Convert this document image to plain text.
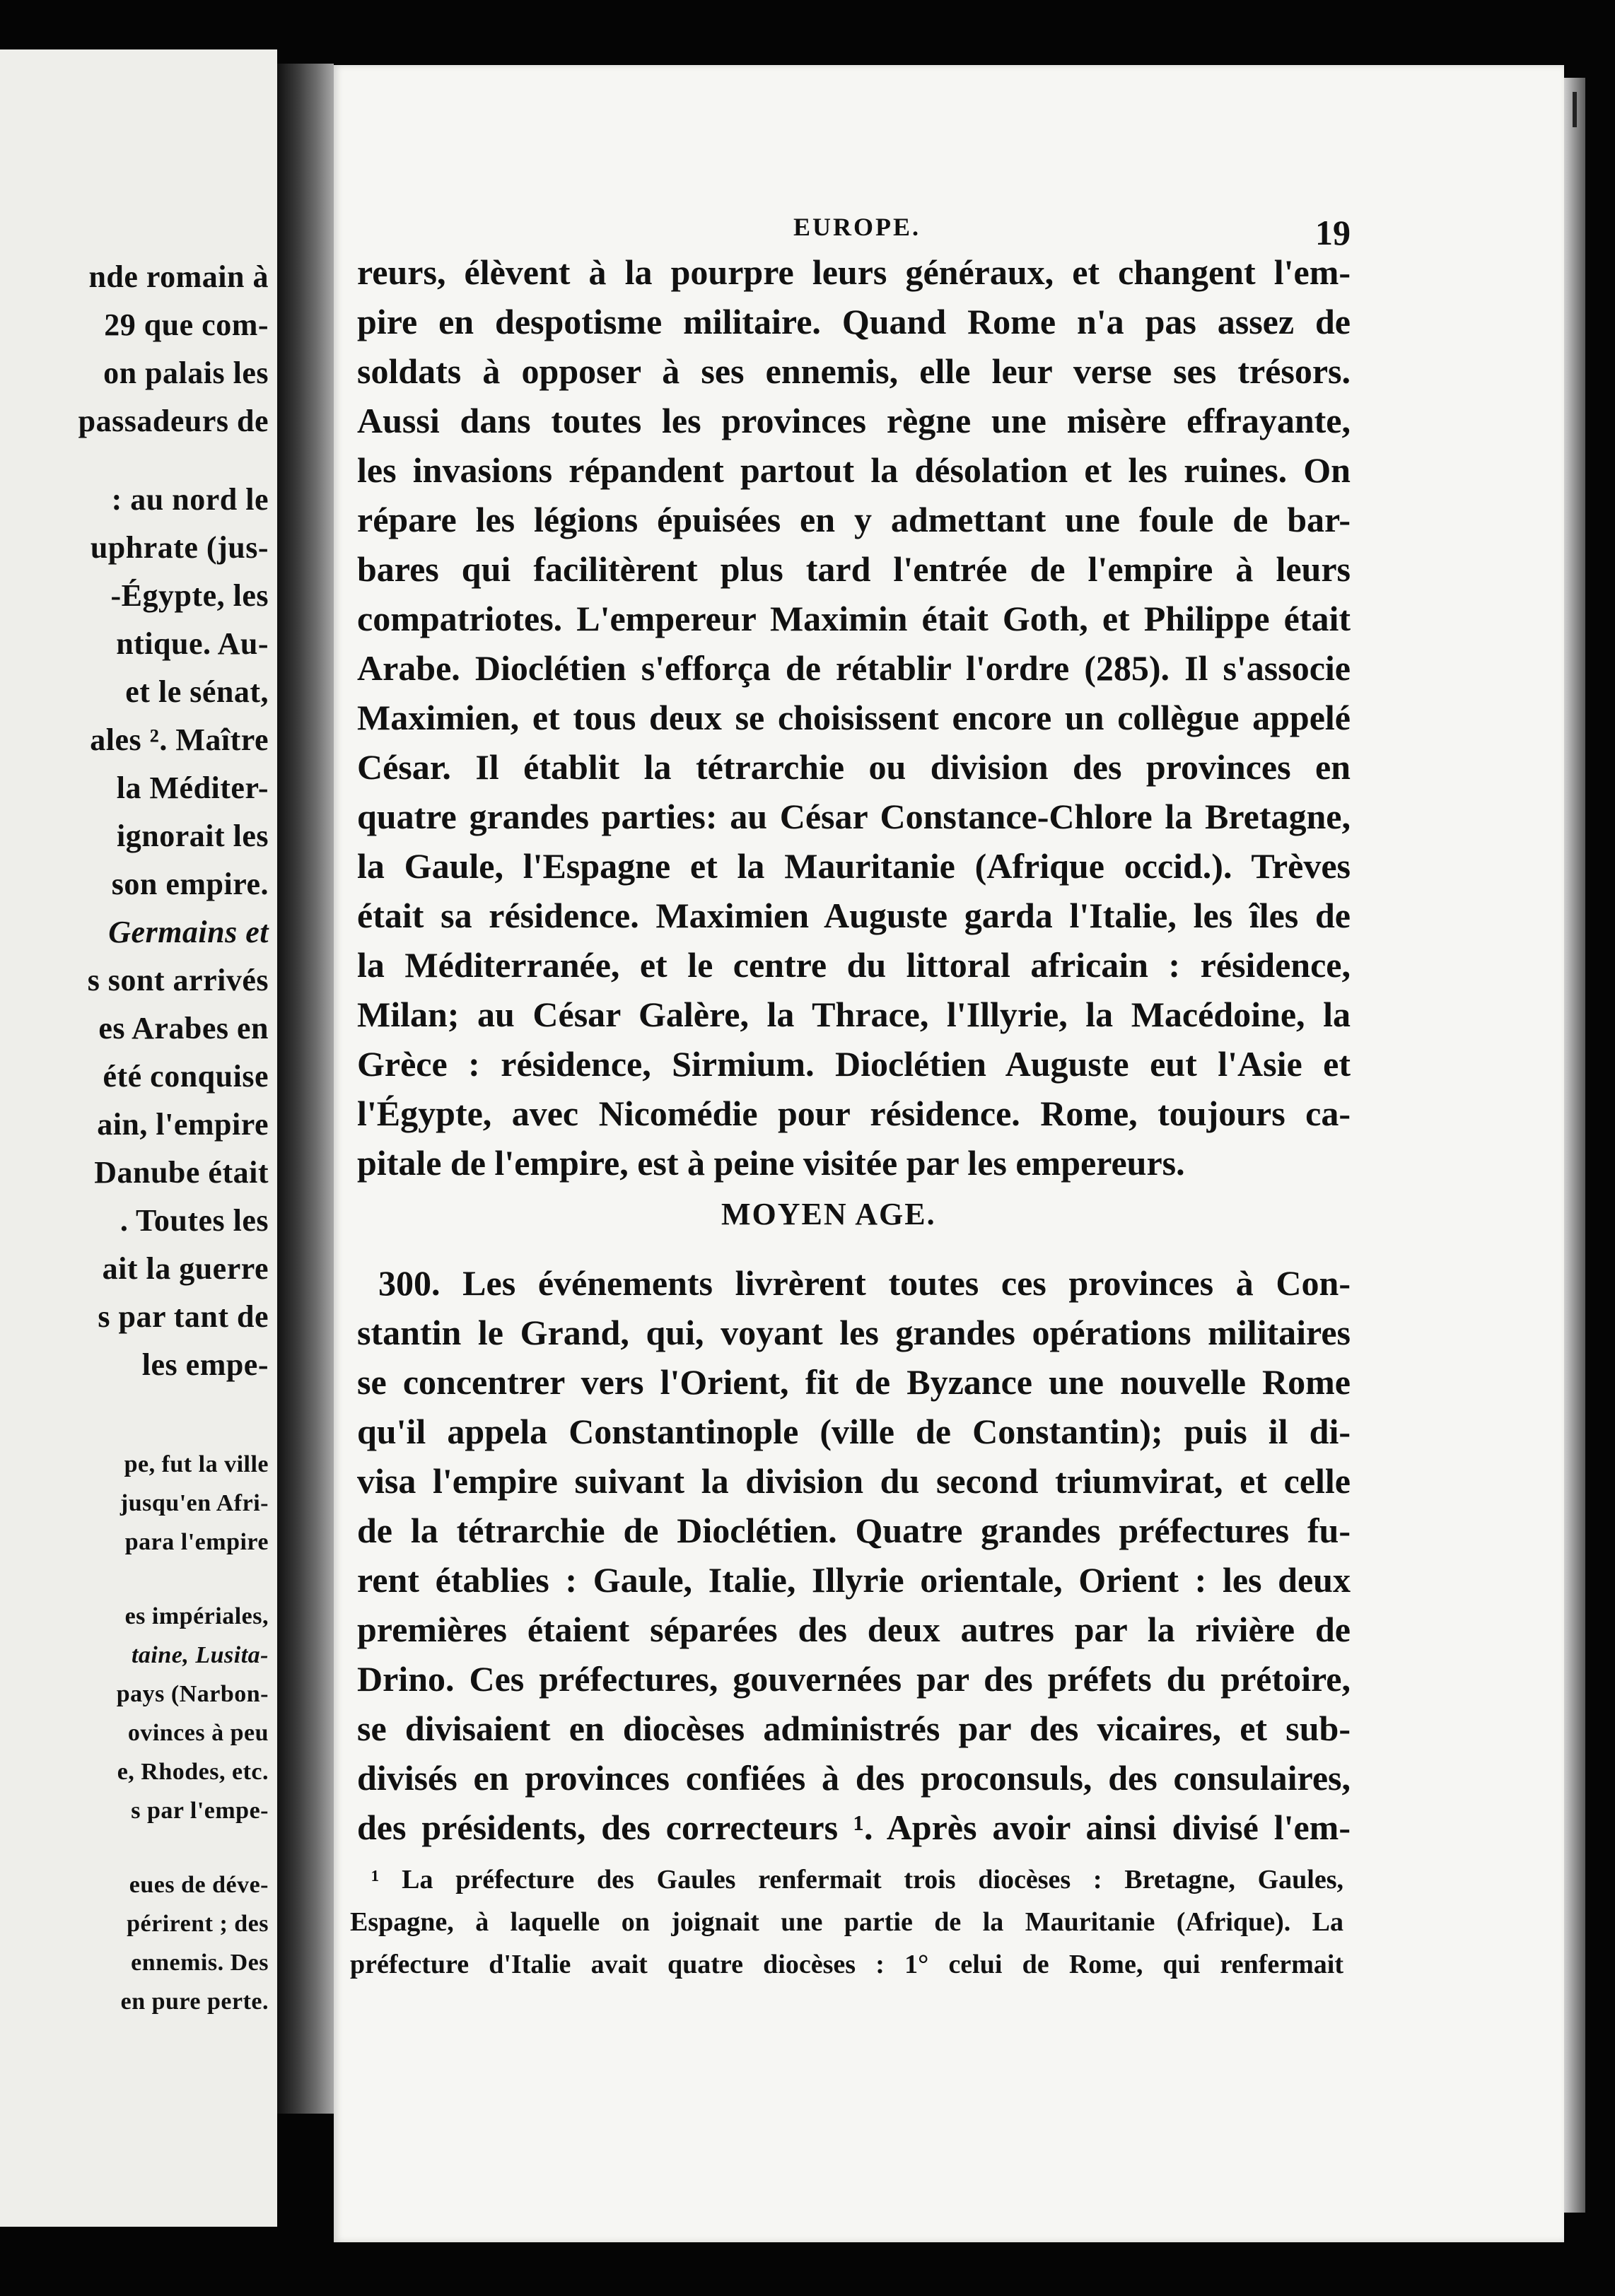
nde romain à
29 que com-
on palais les
passadeurs de
: au nord le
uphrate (jus-
-Égypte, les
ntique. Au-
et le sénat,
ales ². Maître
la Méditer-
ignorait les
son empire.
Germains et
s sont arrivés
es Arabes en
été conquise
ain, l'empire
Danube était
. Toutes les
ait la guerre
s par tant de
les empe-
pe, fut la ville
jusqu'en Afri-
para l'empire
es impériales,
taine, Lusita-
pays (Narbon-
ovinces à peu
e, Rhodes, etc.
s par l'empe-
eues de déve-
périrent ; des
ennemis. Des
en pure perte.
EUROPE.	19
reurs, élèvent à la pourpre leurs généraux, et changent l'em-
pire en despotisme militaire. Quand Rome n'a pas assez de
soldats à opposer à ses ennemis, elle leur verse ses trésors.
Aussi dans toutes les provinces règne une misère effrayante,
les invasions répandent partout la désolation et les ruines. On
répare les légions épuisées en y admettant une foule de bar-
bares qui facilitèrent plus tard l'entrée de l'empire à leurs
compatriotes. L'empereur Maximin était Goth, et Philippe était
Arabe. Dioclétien s'efforça de rétablir l'ordre (285). Il s'associe
Maximien, et tous deux se choisissent encore un collègue appelé
César. Il établit la tétrarchie ou division des provinces en
quatre grandes parties: au César Constance-Chlore la Bretagne,
la Gaule, l'Espagne et la Mauritanie (Afrique occid.). Trèves
était sa résidence. Maximien Auguste garda l'Italie, les îles de
la Méditerranée, et le centre du littoral africain : résidence,
Milan; au César Galère, la Thrace, l'Illyrie, la Macédoine, la
Grèce : résidence, Sirmium. Dioclétien Auguste eut l'Asie et
l'Égypte, avec Nicomédie pour résidence. Rome, toujours ca-
pitale de l'empire, est à peine visitée par les empereurs.
MOYEN AGE.
300. Les événements livrèrent toutes ces provinces à Con-
stantin le Grand, qui, voyant les grandes opérations militaires
se concentrer vers l'Orient, fit de Byzance une nouvelle Rome
qu'il appela Constantinople (ville de Constantin); puis il di-
visa l'empire suivant la division du second triumvirat, et celle
de la tétrarchie de Dioclétien. Quatre grandes préfectures fu-
rent établies : Gaule, Italie, Illyrie orientale, Orient : les deux
premières étaient séparées des deux autres par la rivière de
Drino. Ces préfectures, gouvernées par des préfets du prétoire,
se divisaient en diocèses administrés par des vicaires, et sub-
divisés en provinces confiées à des proconsuls, des consulaires,
des présidents, des correcteurs ¹. Après avoir ainsi divisé l'em-
¹ La préfecture des Gaules renfermait trois diocèses : Bretagne, Gaules,
Espagne, à laquelle on joignait une partie de la Mauritanie (Afrique). La
préfecture d'Italie avait quatre diocèses : 1° celui de Rome, qui renfermait
